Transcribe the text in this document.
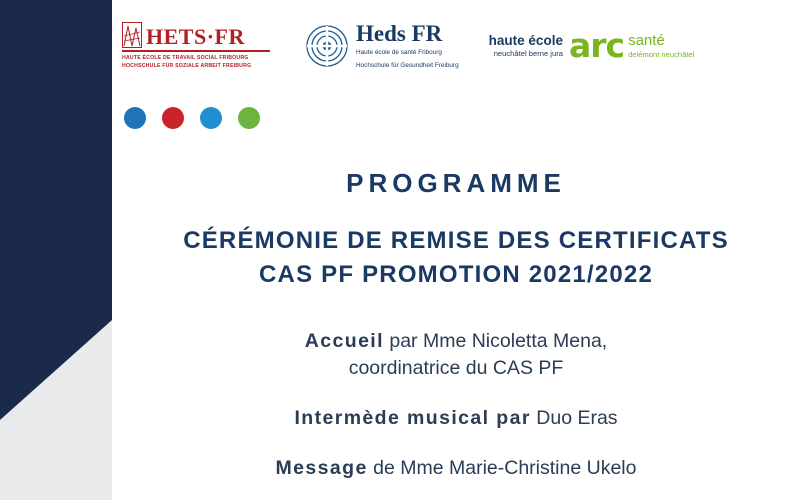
HETS·FR
HAUTE ÉCOLE DE TRAVAIL SOCIAL FRIBOURG
HOCHSCHULE FÜR SOZIALE ARBEIT FREIBURG
Heds FR
Haute école de santé Fribourg
Hochschule für Gesundheit Freiburg
haute école
neuchâtel berne jura arc santé
delémont neuchâtel
PROGRAMME
CÉRÉMONIE DE REMISE DES CERTIFICATS
CAS PF PROMOTION 2021/2022
Accueil par Mme Nicoletta Mena,
coordinatrice du CAS PF
Intermède musical par Duo Eras
Message de Mme Marie-Christine Ukelo
